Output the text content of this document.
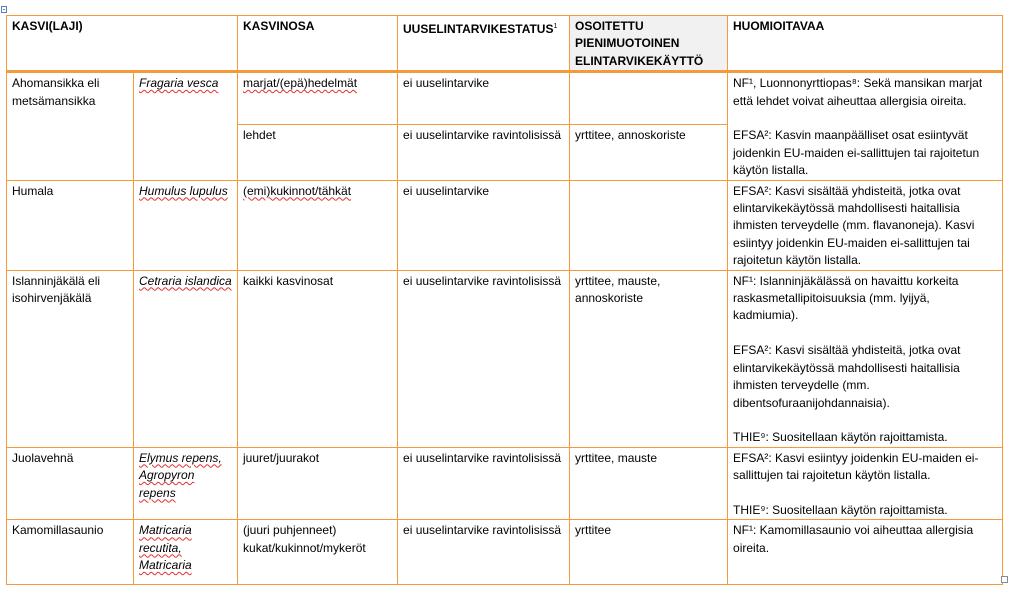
KASVI(LAJI)		KASVINOSA	UUSELINTARVIKESTATUS$^1$	OSOITETTU PIENIMUOTOINEN ELINTARVIKEKÄYTTÖ	HUOMIOITAVAA
Ahomansikka eli metsämansikka	Fragaria vesca	marjat/(epä)hedelmät	ei uuselintarvike		NF¹, Luonnonyrttiopas⁸: Sekä mansikan marjat että lehdet voivat aiheuttaa allergisia oireita.
EFSA²: Kasvin maanpäälliset osat esiintyvät joidenkin EU-maiden ei-sallittujen tai rajoitetun käytön listalla.

		lehdet	ei uuselintarvike ravintolisissä	yrttitee, annoskoriste	
Humala	Humulus lupulus	(emi)kukinnot/tähkät	ei uuselintarvike		EFSA²: Kasvi sisältää yhdisteitä, jotka ovat elintarvikekäytössä mahdollisesti haitallisia ihmisten terveydelle (mm. flavanoneja). Kasvi esiintyy joidenkin EU-maiden ei-sallittujen tai rajoitetun käytön listalla.

Islanninjäkälä eli isohirvenjäkälä	Cetraria islandica	kaikki kasvinosat	ei uuselintarvike ravintolisissä	yrttitee, mauste, annoskoriste	NF¹: Islanninjäkälässä on havaittu korkeita raskasmetallipitoisuuksia (mm. lyijyä, kadmiumia).
EFSA²: Kasvi sisältää yhdisteitä, jotka ovat elintarvikekäytössä mahdollisesti haitallisia ihmisten terveydelle (mm. dibentsofuraanijohdannaisia).
THIE⁹: Suositellaan käytön rajoittamista.

Juolavehnä	Elymus repens, Agropyron repens	juuret/juurakot	ei uuselintarvike ravintolisissä	yrttitee, mauste	EFSA²: Kasvi esiintyy joidenkin EU-maiden ei-sallittujen tai rajoitetun käytön listalla.
THIE⁹: Suositellaan käytön rajoittamista.

Kamomillasaunio	Matricaria recutita, Matricaria	(juuri puhjenneet) kukat/kukinnot/mykeröt	ei uuselintarvike ravintolisissä	yrttitee	NF¹: Kamomillasaunio voi aiheuttaa allergisia oireita.
